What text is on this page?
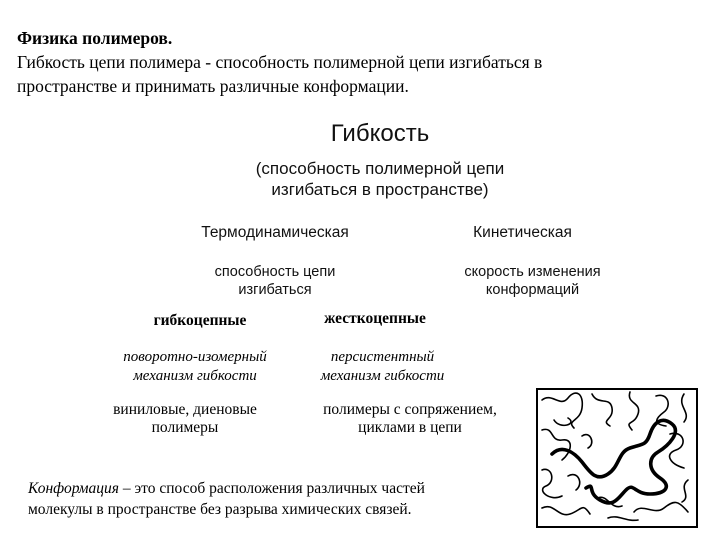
Физика полимеров.
Гибкость цепи полимера - способность полимерной цепи изгибаться в
пространстве и принимать различные конформации.
Гибкость
(способность полимерной цепи
изгибаться в пространстве)
Термодинамическая	Кинетическая
способность цепи
изгибаться
скорость изменения
конформаций
гибкоцепные	жесткоцепные
поворотно-изомерный
механизм гибкости
персистентный
механизм гибкости
виниловые, диеновые
полимеры
полимеры с сопряжением,
циклами в цепи
Конформация – это способ расположения различных частей
молекулы в пространстве без разрыва химических связей.
